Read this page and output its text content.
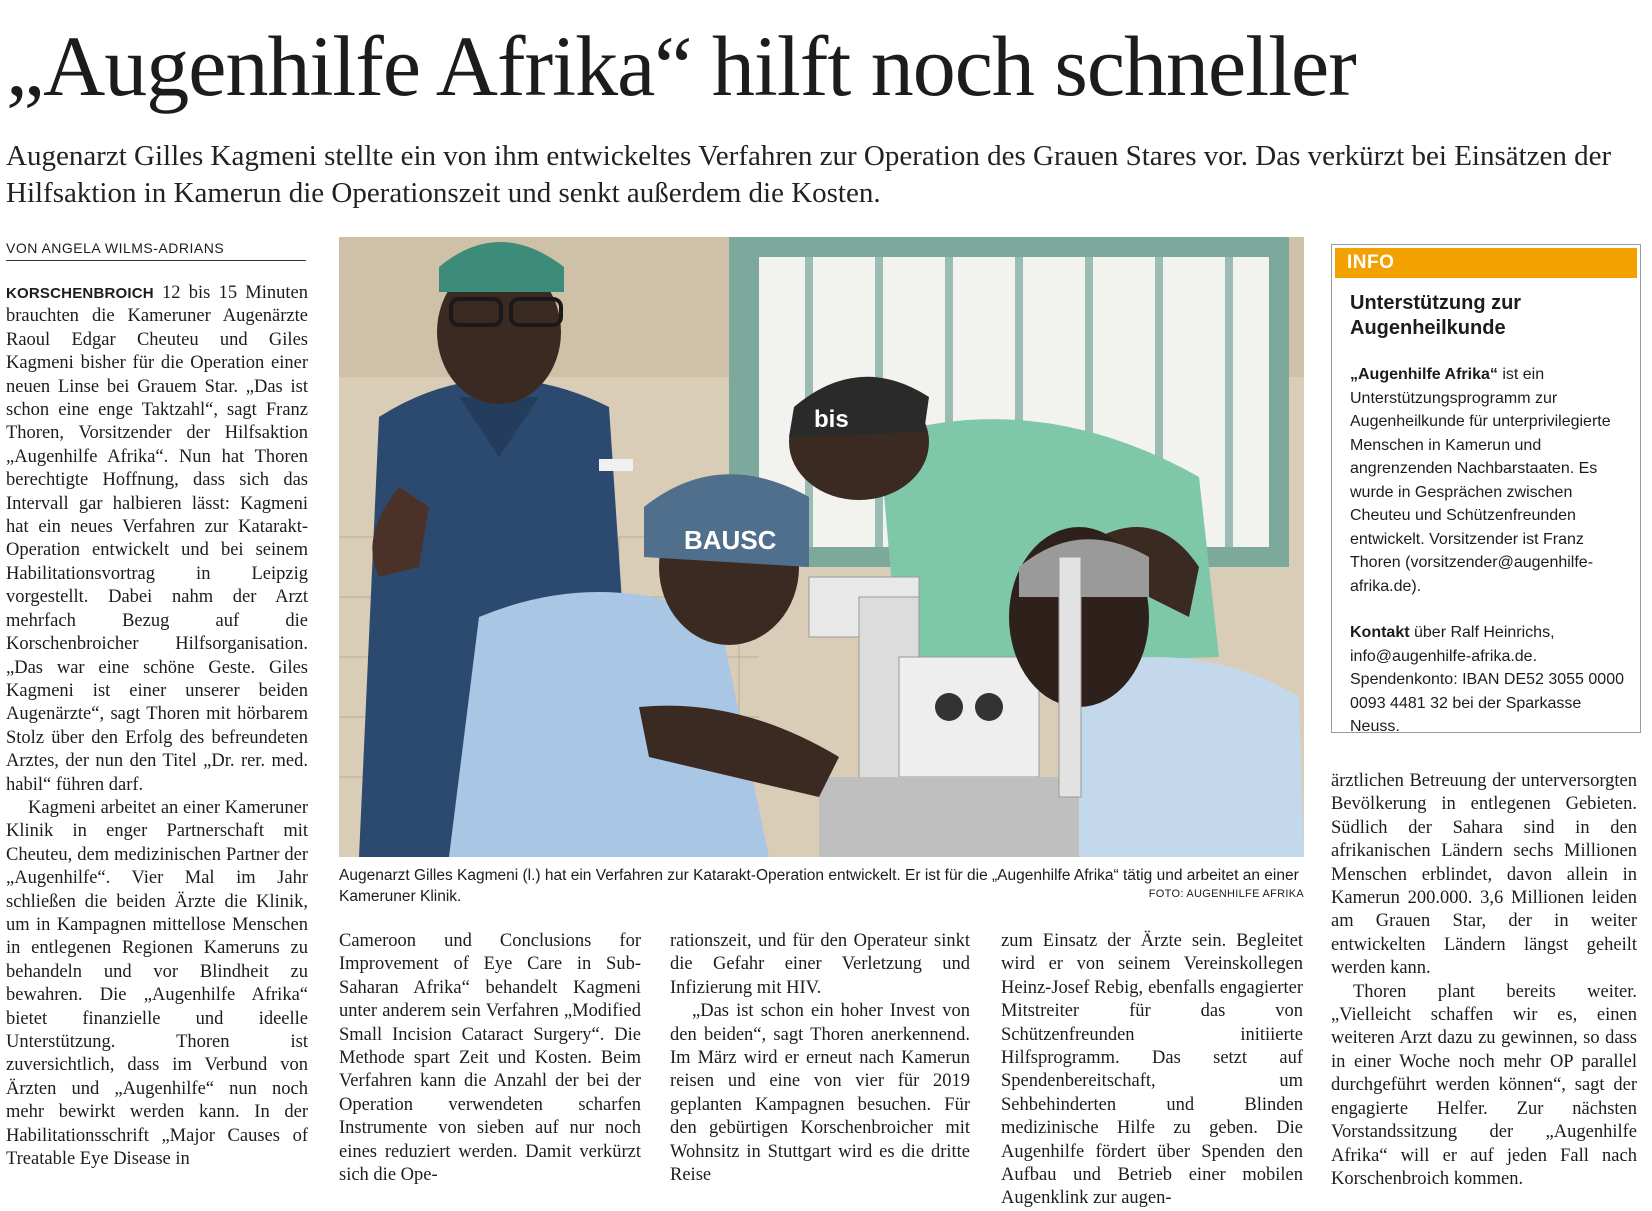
„Augenhilfe Afrika“ hilft noch schneller

Augenarzt Gilles Kagmeni stellte ein von ihm entwickeltes Verfahren zur Operation des Grauen Stares vor. Das verkürzt bei Einsätzen der Hilfsaktion in Kamerun die Operationszeit und senkt außerdem die Kosten.

VON ANGELA WILMS-ADRIANS

KORSCHENBROICH 12 bis 15 Minuten brauchten die Kameruner Augenärzte Raoul Edgar Cheuteu und Giles Kagmeni bisher für die Operation einer neuen Linse bei Grauem Star. „Das ist schon eine enge Taktzahl“, sagt Franz Thoren, Vorsitzender der Hilfsaktion „Augenhilfe Afrika“. Nun hat Thoren berechtigte Hoffnung, dass sich das Intervall gar halbieren lässt: Kagmeni hat ein neues Verfahren zur Katarakt-Operation entwickelt und bei seinem Habilitationsvortrag in Leipzig vorgestellt. Dabei nahm der Arzt mehrfach Bezug auf die Korschenbroicher Hilfsorganisation. „Das war eine schöne Geste. Giles Kagmeni ist einer unserer beiden Augenärzte“, sagt Thoren mit hörbarem Stolz über den Erfolg des befreundeten Arztes, der nun den Titel „Dr. rer. med. habil“ führen darf.

Kagmeni arbeitet an einer Kameruner Klinik in enger Partnerschaft mit Cheuteu, dem medizinischen Partner der „Augenhilfe“. Vier Mal im Jahr schließen die beiden Ärzte die Klinik, um in Kampagnen mittellose Menschen in entlegenen Regionen Kameruns zu behandeln und vor Blindheit zu bewahren. Die „Augenhilfe Afrika“ bietet finanzielle und ideelle Unterstützung. Thoren ist zuversichtlich, dass im Verbund von Ärzten und „Augenhilfe“ nun noch mehr bewirkt werden kann. In der Habilitationsschrift „Major Causes of Treatable Eye Disease in

Cameroon und Conclusions for Improvement of Eye Care in Sub-Saharan Afrika“ behandelt Kagmeni unter anderem sein Verfahren „Modified Small Incision Cataract Surgery“. Die Methode spart Zeit und Kosten. Beim Verfahren kann die Anzahl der bei der Operation verwendeten scharfen Instrumente von sieben auf nur noch eines reduziert werden. Damit verkürzt sich die Ope-

rationszeit, und für den Operateur sinkt die Gefahr einer Verletzung und Infizierung mit HIV.

„Das ist schon ein hoher Invest von den beiden“, sagt Thoren anerkennend. Im März wird er erneut nach Kamerun reisen und eine von vier für 2019 geplanten Kampagnen besuchen. Für den gebürtigen Korschenbroicher mit Wohnsitz in Stuttgart wird es die dritte Reise

zum Einsatz der Ärzte sein. Begleitet wird er von seinem Vereinskollegen Heinz-Josef Rebig, ebenfalls engagierter Mitstreiter für das von Schützenfreunden initiierte Hilfsprogramm. Das setzt auf Spendenbereitschaft, um Sehbehinderten und Blinden medizinische Hilfe zu geben. Die Augenhilfe fördert über Spenden den Aufbau und Betrieb einer mobilen Augenklink zur augen-

ärztlichen Betreuung der unterversorgten Bevölkerung in entlegenen Gebieten. Südlich der Sahara sind in den afrikanischen Ländern sechs Millionen Menschen erblindet, davon allein in Kamerun 200.000. 3,6 Millionen leiden am Grauen Star, der in weiter entwickelten Ländern längst geheilt werden kann.

Thoren plant bereits weiter. „Vielleicht schaffen wir es, einen weiteren Arzt dazu zu gewinnen, so dass in einer Woche noch mehr OP parallel durchgeführt werden können“, sagt der engagierte Helfer. Zur nächsten Vorstandssitzung der „Augenhilfe Afrika“ will er auf jeden Fall nach Korschenbroich kommen.

bis
BAUSC
Augenarzt Gilles Kagmeni (l.) hat ein Verfahren zur Katarakt-Operation entwickelt. Er ist für die „Augenhilfe Afrika“ tätig und arbeitet an einer Kameruner Klinik.	FOTO: AUGENHILFE AFRIKA
INFO
Unterstützung zur Augenheilkunde

„Augenhilfe Afrika“ ist ein Unterstützungsprogramm zur Augenheilkunde für unterprivilegierte Menschen in Kamerun und angrenzenden Nachbarstaaten. Es wurde in Gesprächen zwischen Cheuteu und Schützenfreunden entwickelt. Vorsitzender ist Franz Thoren (vorsitzender@augenhilfe-afrika.de).

Kontakt über Ralf Heinrichs, info@augenhilfe-afrika.de. Spendenkonto: IBAN DE52 3055 0000 0093 4481 32 bei der Sparkasse Neuss.
